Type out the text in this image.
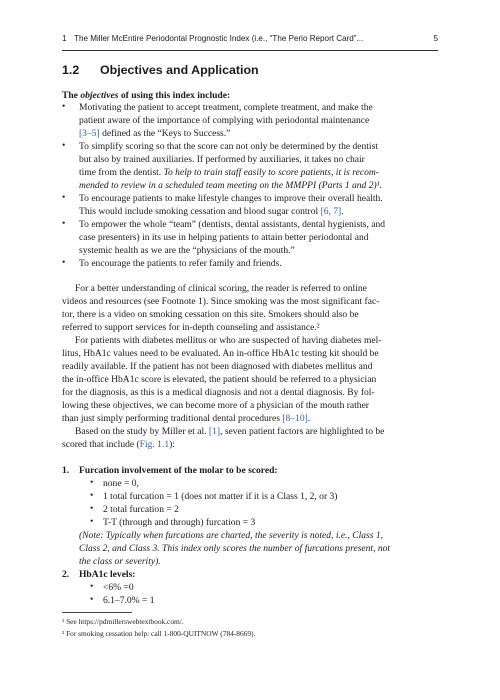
1 The Miller McEntire Periodontal Prognostic Index (i.e., “The Perio Report Card”...	5
1.2 Objectives and Application
The objectives of using this index include:
• Motivating the patient to accept treatment, complete treatment, and make the
patient aware of the importance of complying with periodontal maintenance
[3–5] defined as the “Keys to Success.”
• To simplify scoring so that the score can not only be determined by the dentist
but also by trained auxiliaries. If performed by auxiliaries, it takes no chair
time from the dentist. To help to train staff easily to score patients, it is recom-
mended to review in a scheduled team meeting on the MMPPI (Parts 1 and 2)¹.
• To encourage patients to make lifestyle changes to improve their overall health.
This would include smoking cessation and blood sugar control [6, 7].
• To empower the whole “team” (dentists, dental assistants, dental hygienists, and
case presenters) in its use in helping patients to attain better periodontal and
systemic health as we are the “physicians of the mouth.”
• To encourage the patients to refer family and friends.
For a better understanding of clinical scoring, the reader is referred to online
videos and resources (see Footnote 1). Since smoking was the most significant fac-
tor, there is a video on smoking cessation on this site. Smokers should also be
referred to support services for in-depth counseling and assistance.²
For patients with diabetes mellitus or who are suspected of having diabetes mel-
litus, HbA1c values need to be evaluated. An in-office HbA1c testing kit should be
readily available. If the patient has not been diagnosed with diabetes mellitus and
the in-office HbA1c score is elevated, the patient should be referred to a physician
for the diagnosis, as this is a medical diagnosis and not a dental diagnosis. By fol-
lowing these objectives, we can become more of a physician of the mouth rather
than just simply performing traditional dental procedures [8–10].
Based on the study by Miller et al. [1], seven patient factors are highlighted to be
scored that include (Fig. 1.1):
1. Furcation involvement of the molar to be scored:
• none = 0,
• 1 total furcation = 1 (does not matter if it is a Class 1, 2, or 3)
• 2 total furcation = 2
• T-T (through and through) furcation = 3
(Note: Typically when furcations are charted, the severity is noted, i.e., Class 1,
Class 2, and Class 3. This index only scores the number of furcations present, not
the class or severity).
2. HbA1c levels:
• <6% =0
• 6.1–7.0% = 1
¹ See https://pdmillerswebtextbook.com/.
² For smoking cessation help: call 1-800-QUITNOW (784-8669).
